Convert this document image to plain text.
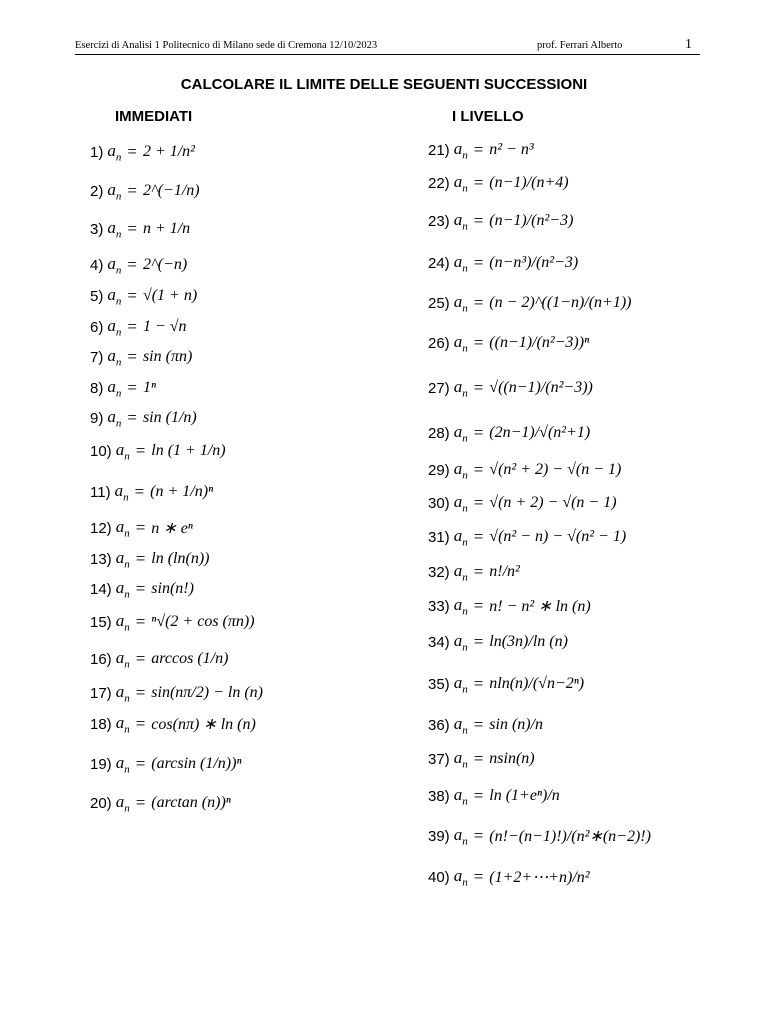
Esercizi di Analisi 1 Politecnico di Milano sede di Cremona 12/10/2023	prof. Ferrari Alberto	1
CALCOLARE IL LIMITE DELLE SEGUENTI SUCCESSIONI
IMMEDIATI	I LIVELLO
1) $a_n = 2 + 1/n^2$
2) $a_n$ = 2^(−1/n)
3) $a_n = n + 1/n$
4) $a_n$ = 2^(−n)
5) $a_n = √(1 + n)$
6) $a_n = 1 - √n$
7) $a_n = \sin (\pi n)$
8) $a_n = 1^n$
9) $a_n = \sin (1/n)$
10) $a_n = \ln (1 + 1/n)$
11) $a_n = (n + 1/n)^n$
12) $a_n = n$ ∗ eⁿ
13) $a_n = \ln (\ln(n))$
14) $a_n = \sin(n!)$
15) $a_n = ^n√(2 + \cos (\pi n))$
16) $a_n = \arccos (1/n)$
17) $a_n = \sin(n\pi/2) - \ln (n)$
18) $a_n = \cos(n\pi)$ ∗ ln (n)
19) $a_n = (\arcsin$ (1/n))ⁿ
20) $a_n = (\arctan$ (n))ⁿ
21) $a_n = n^2 - n^3$
22) $a_n = (n-1)/(n+4)$
23) $a_n = (n-1)/(n^2-3)$
24) $a_n = (n-n^3)/(n^2-3)$
25) $a_n = (n$ − 2)^((1−n)/(n+1))
26) $a_n = ((n-1)/(n^2-3))^n$
27) $a_n = √((n-1)/(n^2-3))$
28) $a_n = (2n-1)/√(n^2+1)$
29) $a_n = √(n^2 + 2) - √(n - 1)$
30) $a_n = √(n + 2) - √(n - 1)$
31) $a_n = √(n^2 - n) - √(n^2 - 1)$
32) $a_n = n!/n^2$
33) $a_n = n$! − n² ∗ ln (n)
34) $a_n = \ln(3n)/\ln$ (n)
35) $a_n = nln(n)/(√n-2^n)$
36) $a_n = \sin (n)/n$
37) $a_n = nsin(n)$
38) $a_n = \ln (1+e^n)/n$
39) $a_n$ = (n!−(n−1)!)/(n²∗(n−2)!)
40) $a_n$ = (1+2+⋯+n)/n²
